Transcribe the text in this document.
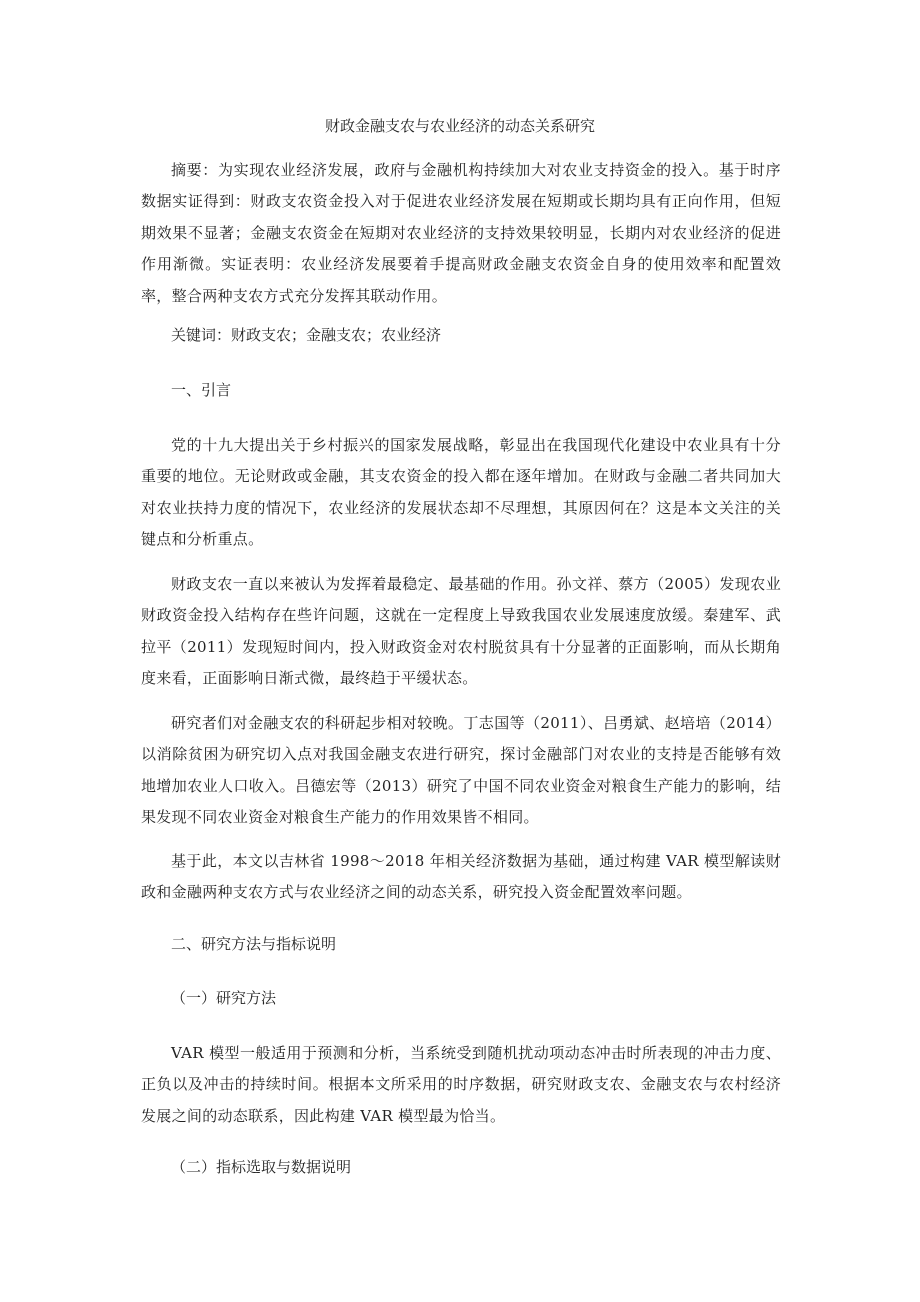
财政金融支农与农业经济的动态关系研究

摘要：为实现农业经济发展，政府与金融机构持续加大对农业支持资金的投入。基于时序数据实证得到：财政支农资金投入对于促进农业经济发展在短期或长期均具有正向作用，但短期效果不显著；金融支农资金在短期对农业经济的支持效果较明显，长期内对农业经济的促进作用渐微。实证表明：农业经济发展要着手提高财政金融支农资金自身的使用效率和配置效率，整合两种支农方式充分发挥其联动作用。

关键词：财政支农；金融支农；农业经济

一、引言

党的十九大提出关于乡村振兴的国家发展战略，彰显出在我国现代化建设中农业具有十分重要的地位。无论财政或金融，其支农资金的投入都在逐年增加。在财政与金融二者共同加大对农业扶持力度的情况下，农业经济的发展状态却不尽理想，其原因何在？这是本文关注的关键点和分析重点。

财政支农一直以来被认为发挥着最稳定、最基础的作用。孙文祥、蔡方（2005）发现农业财政资金投入结构存在些许问题，这就在一定程度上导致我国农业发展速度放缓。秦建军、武拉平（2011）发现短时间内，投入财政资金对农村脱贫具有十分显著的正面影响，而从长期角度来看，正面影响日渐式微，最终趋于平缓状态。

研究者们对金融支农的科研起步相对较晚。丁志国等（2011）、吕勇斌、赵培培（2014）以消除贫困为研究切入点对我国金融支农进行研究，探讨金融部门对农业的支持是否能够有效地增加农业人口收入。吕德宏等（2013）研究了中国不同农业资金对粮食生产能力的影响，结果发现不同农业资金对粮食生产能力的作用效果皆不相同。

基于此，本文以吉林省 1998～2018 年相关经济数据为基础，通过构建 VAR 模型解读财政和金融两种支农方式与农业经济之间的动态关系，研究投入资金配置效率问题。

二、研究方法与指标说明

（一）研究方法

VAR 模型一般适用于预测和分析，当系统受到随机扰动项动态冲击时所表现的冲击力度、正负以及冲击的持续时间。根据本文所采用的时序数据，研究财政支农、金融支农与农村经济发展之间的动态联系，因此构建 VAR 模型最为恰当。

（二）指标选取与数据说明
